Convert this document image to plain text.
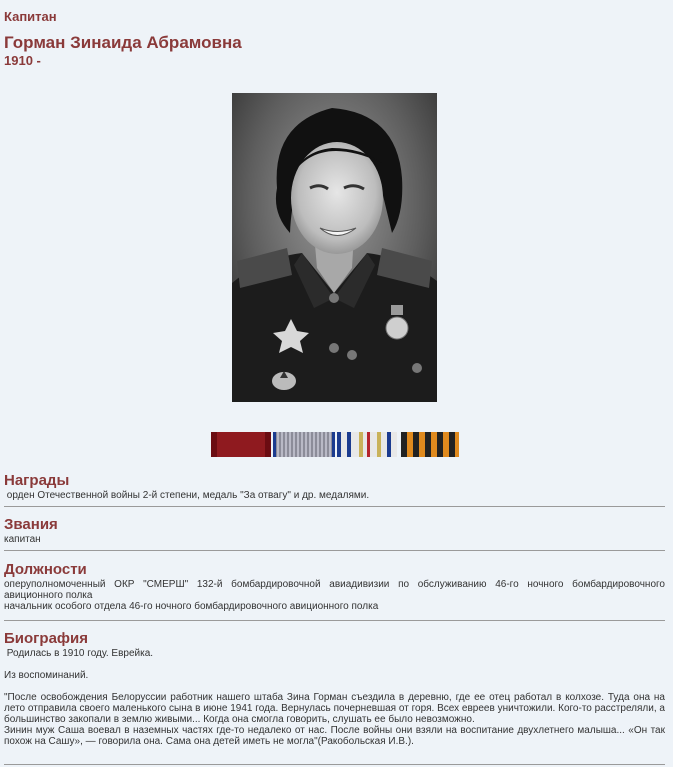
Капитан
Горман Зинаида Абрамовна
1910 -
Награды
орден Отечественной войны 2-й степени, медаль "За отвагу" и др. медалями.
Звания
капитан
Должности
оперуполномоченный ОКР "СМЕРШ" 132-й бомбардировочной авиадивизии по обслуживанию 46-го ночного бомбардировочного авиционного полка
начальник особого отдела 46-го ночного бомбардировочного авиционного полка
Биография
Родилась в 1910 году. Еврейка.
Из воспоминаний.
"После освобождения Белоруссии работник нашего штаба Зина Горман съездила в деревню, где ее отец работал в колхозе. Туда она на лето отправила своего маленького сына в июне 1941 года. Вернулась почерневшая от горя. Всех евреев уничтожили. Кого-то расстреляли, а большинство закопали в землю живыми... Когда она смогла говорить, слушать ее было невозможно.
Зинин муж Саша воевал в наземных частях где-то недалеко от нас. После войны они взяли на воспитание двухлетнего малыша... «Он так похож на Сашу», — говорила она. Сама она детей иметь не могла"(Ракобольская И.В.).
